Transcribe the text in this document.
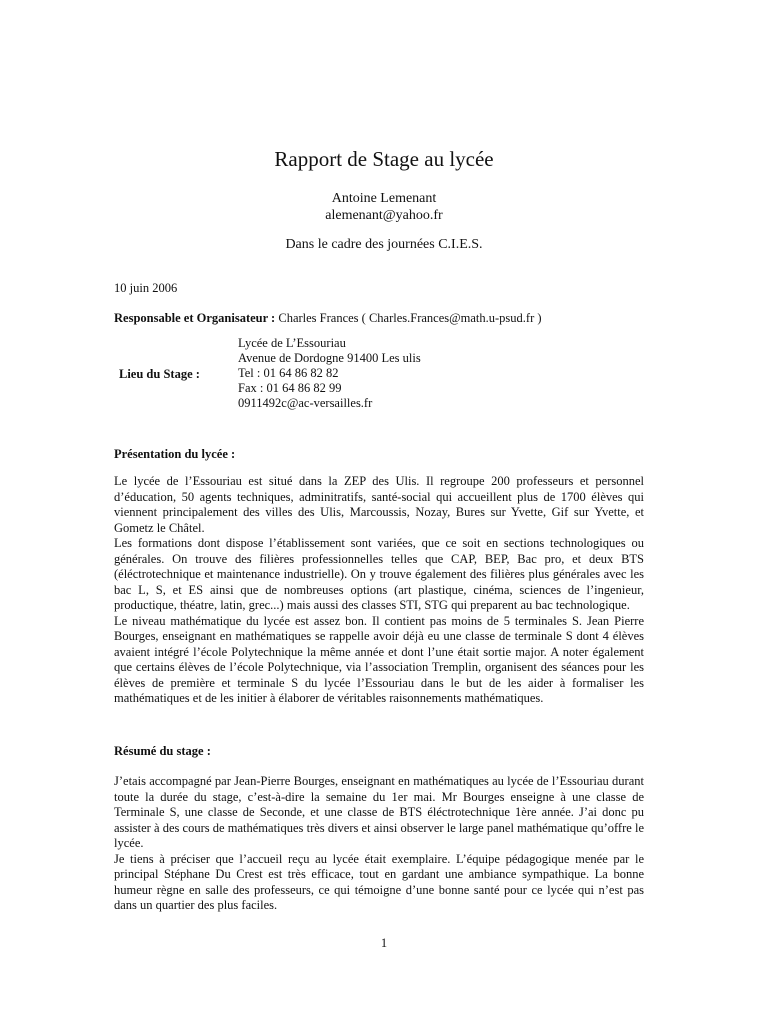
Rapport de Stage au lycée
Antoine Lemenant
alemenant@yahoo.fr
Dans le cadre des journées C.I.E.S.
10 juin 2006
Responsable et Organisateur : Charles Frances ( Charles.Frances@math.u-psud.fr )
Lieu du Stage :
Lycée de L’Essouriau
Avenue de Dordogne 91400 Les ulis
Tel : 01 64 86 82 82
Fax : 01 64 86 82 99
0911492c@ac-versailles.fr
Présentation du lycée :

Le lycée de l’Essouriau est situé dans la ZEP des Ulis. Il regroupe 200 professeurs et personnel d’éducation, 50 agents techniques, adminitratifs, santé-social qui accueillent plus de 1700 élèves qui viennent principalement des villes des Ulis, Marcoussis, Nozay, Bures sur Yvette, Gif sur Yvette, et Gometz le Châtel.

Les formations dont dispose l’établissement sont variées, que ce soit en sections technologiques ou générales. On trouve des filières professionnelles telles que CAP, BEP, Bac pro, et deux BTS (éléctrotechnique et maintenance industrielle). On y trouve également des filières plus générales avec les bac L, S, et ES ainsi que de nombreuses options (art plastique, cinéma, sciences de l’ingenieur, productique, théatre, latin, grec...) mais aussi des classes STI, STG qui preparent au bac technologique.

Le niveau mathématique du lycée est assez bon. Il contient pas moins de 5 terminales S. Jean Pierre Bourges, enseignant en mathématiques se rappelle avoir déjà eu une classe de terminale S dont 4 élèves avaient intégré l’école Polytechnique la même année et dont l’une était sortie major. A noter également que certains élèves de l’école Polytechnique, via l’association Tremplin, organisent des séances pour les élèves de première et terminale S du lycée l’Essouriau dans le but de les aider à formaliser les mathématiques et de les initier à élaborer de véritables raisonnements mathématiques.

Résumé du stage :

J’etais accompagné par Jean-Pierre Bourges, enseignant en mathématiques au lycée de l’Essouriau durant toute la durée du stage, c’est-à-dire la semaine du 1er mai. Mr Bourges enseigne à une classe de Terminale S, une classe de Seconde, et une classe de BTS éléctrotechnique 1ère année. J’ai donc pu assister à des cours de mathématiques très divers et ainsi observer le large panel mathématique qu’offre le lycée.

Je tiens à préciser que l’accueil reçu au lycée était exemplaire. L’équipe pédagogique menée par le principal Stéphane Du Crest est très efficace, tout en gardant une ambiance sympathique. La bonne humeur règne en salle des professeurs, ce qui témoigne d’une bonne santé pour ce lycée qui n’est pas dans un quartier des plus faciles.

1
